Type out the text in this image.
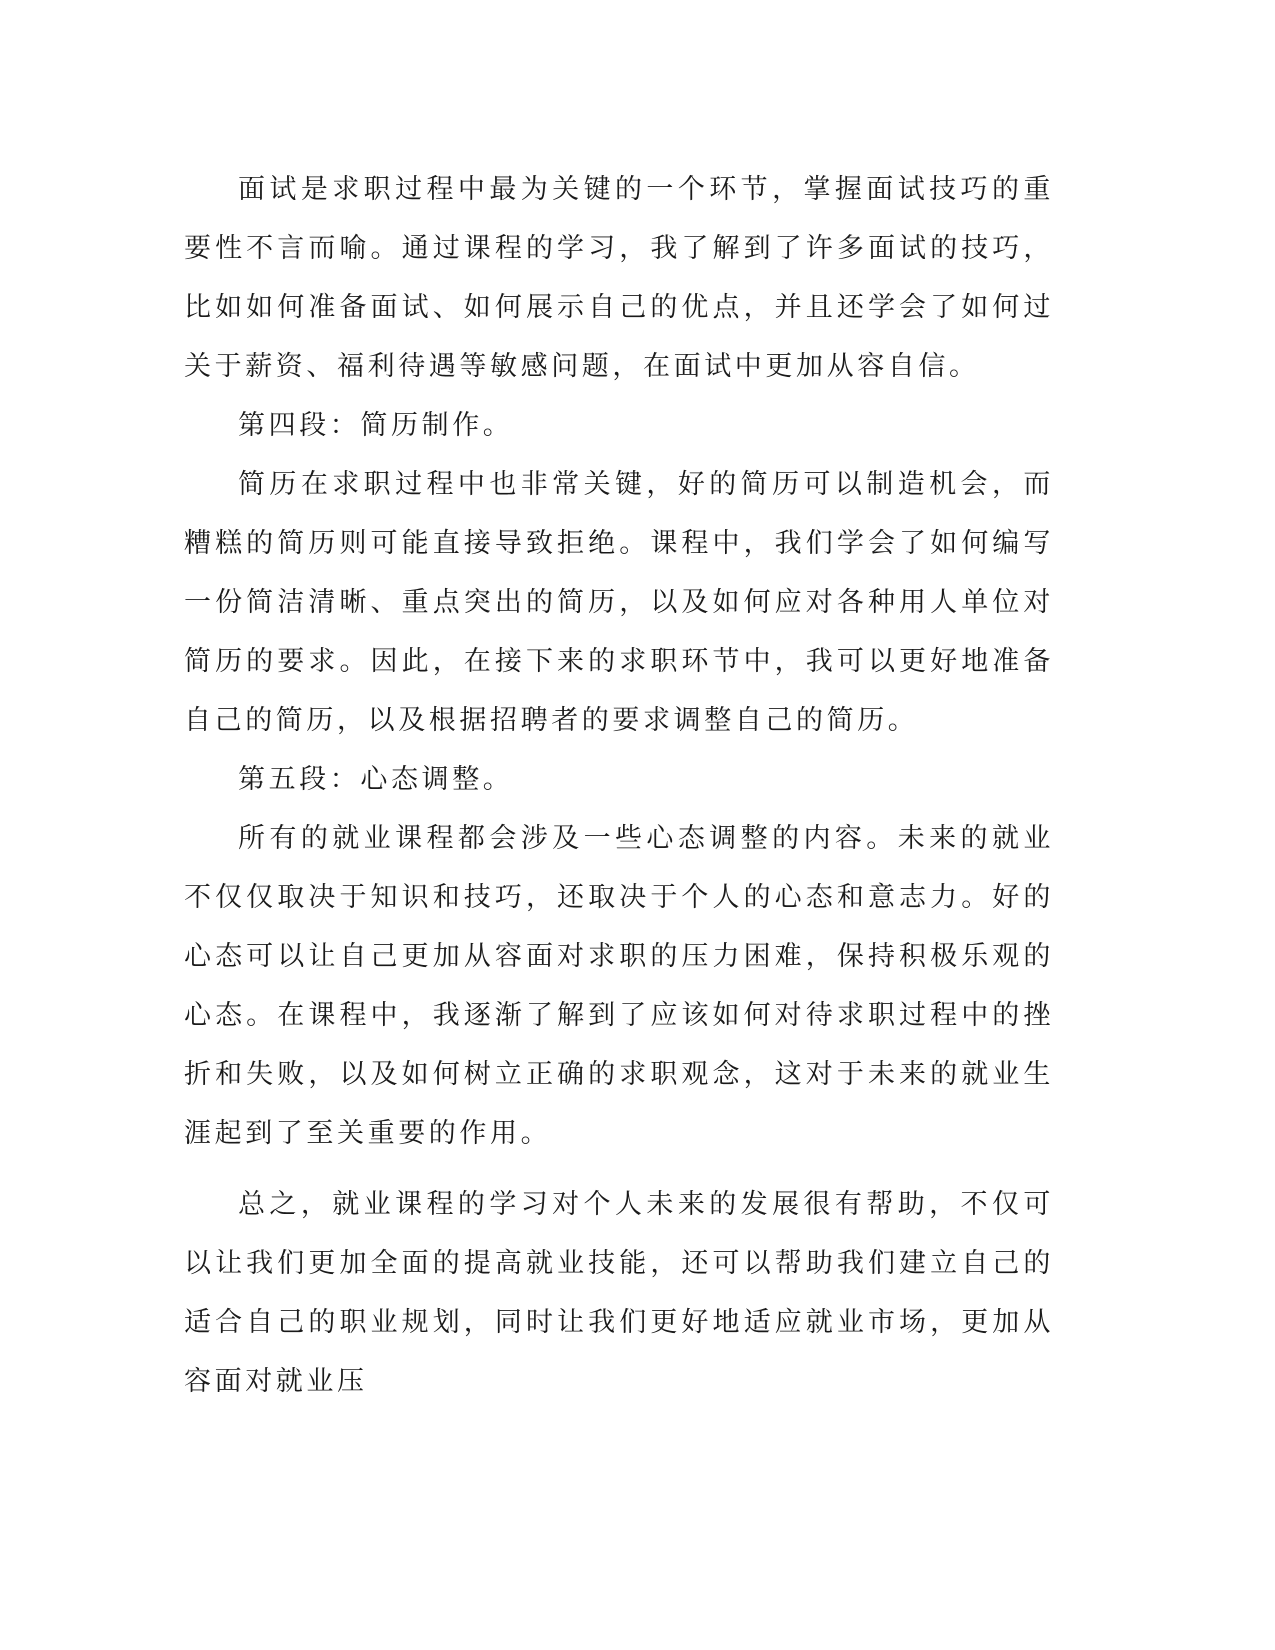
面试是求职过程中最为关键的一个环节，掌握面试技巧的重要性不言而喻。通过课程的学习，我了解到了许多面试的技巧，比如如何准备面试、如何展示自己的优点，并且还学会了如何过关于薪资、福利待遇等敏感问题，在面试中更加从容自信。

第四段：简历制作。

简历在求职过程中也非常关键，好的简历可以制造机会，而糟糕的简历则可能直接导致拒绝。课程中，我们学会了如何编写一份简洁清晰、重点突出的简历，以及如何应对各种用人单位对简历的要求。因此，在接下来的求职环节中，我可以更好地准备自己的简历，以及根据招聘者的要求调整自己的简历。

第五段：心态调整。

所有的就业课程都会涉及一些心态调整的内容。未来的就业不仅仅取决于知识和技巧，还取决于个人的心态和意志力。好的心态可以让自己更加从容面对求职的压力困难，保持积极乐观的心态。在课程中，我逐渐了解到了应该如何对待求职过程中的挫折和失败，以及如何树立正确的求职观念，这对于未来的就业生涯起到了至关重要的作用。

总之，就业课程的学习对个人未来的发展很有帮助，不仅可以让我们更加全面的提高就业技能，还可以帮助我们建立自己的适合自己的职业规划，同时让我们更好地适应就业市场，更加从容面对就业压
